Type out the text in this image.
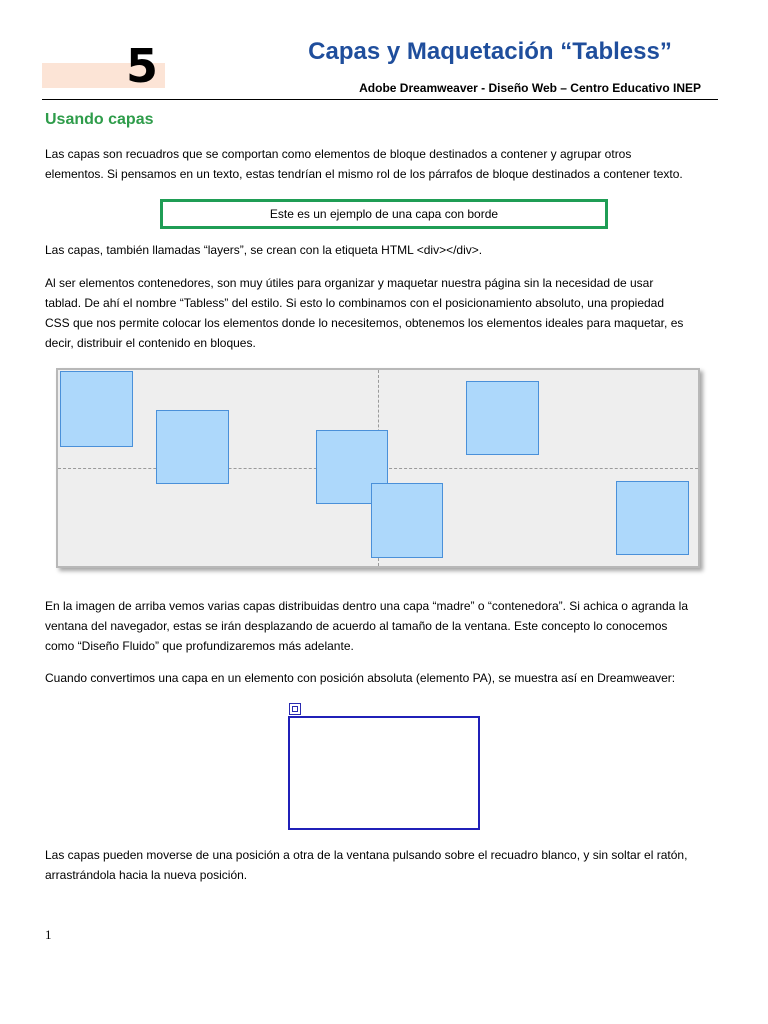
5	Capas y Maquetación “Tabless”
Adobe Dreamweaver - Diseño Web – Centro Educativo INEP
Usando capas
Las capas son recuadros que se comportan como elementos de bloque destinados a contener y agrupar otros
elementos. Si pensamos en un texto, estas tendrían el mismo rol de los párrafos de bloque destinados a contener texto.
Este es un ejemplo de una capa con borde
Las capas, también llamadas “layers”, se crean con la etiqueta HTML <div></div>.
Al ser elementos contenedores, son muy útiles para organizar y maquetar nuestra página sin la necesidad de usar
tablad. De ahí el nombre “Tabless” del estilo. Si esto lo combinamos con el posicionamiento absoluto, una propiedad
CSS que nos permite colocar los elementos donde lo necesitemos, obtenemos los elementos ideales para maquetar, es
decir, distribuir el contenido en bloques.
En la imagen de arriba vemos varias capas distribuidas dentro una capa “madre” o “contenedora”. Si achica o agranda la
ventana del navegador, estas se irán desplazando de acuerdo al tamaño de la ventana. Este concepto lo conocemos
como “Diseño Fluido” que profundizaremos más adelante.
Cuando convertimos una capa en un elemento con posición absoluta (elemento PA), se muestra así en Dreamweaver:
Las capas pueden moverse de una posición a otra de la ventana pulsando sobre el recuadro blanco, y sin soltar el ratón,
arrastrándola hacia la nueva posición.
1
